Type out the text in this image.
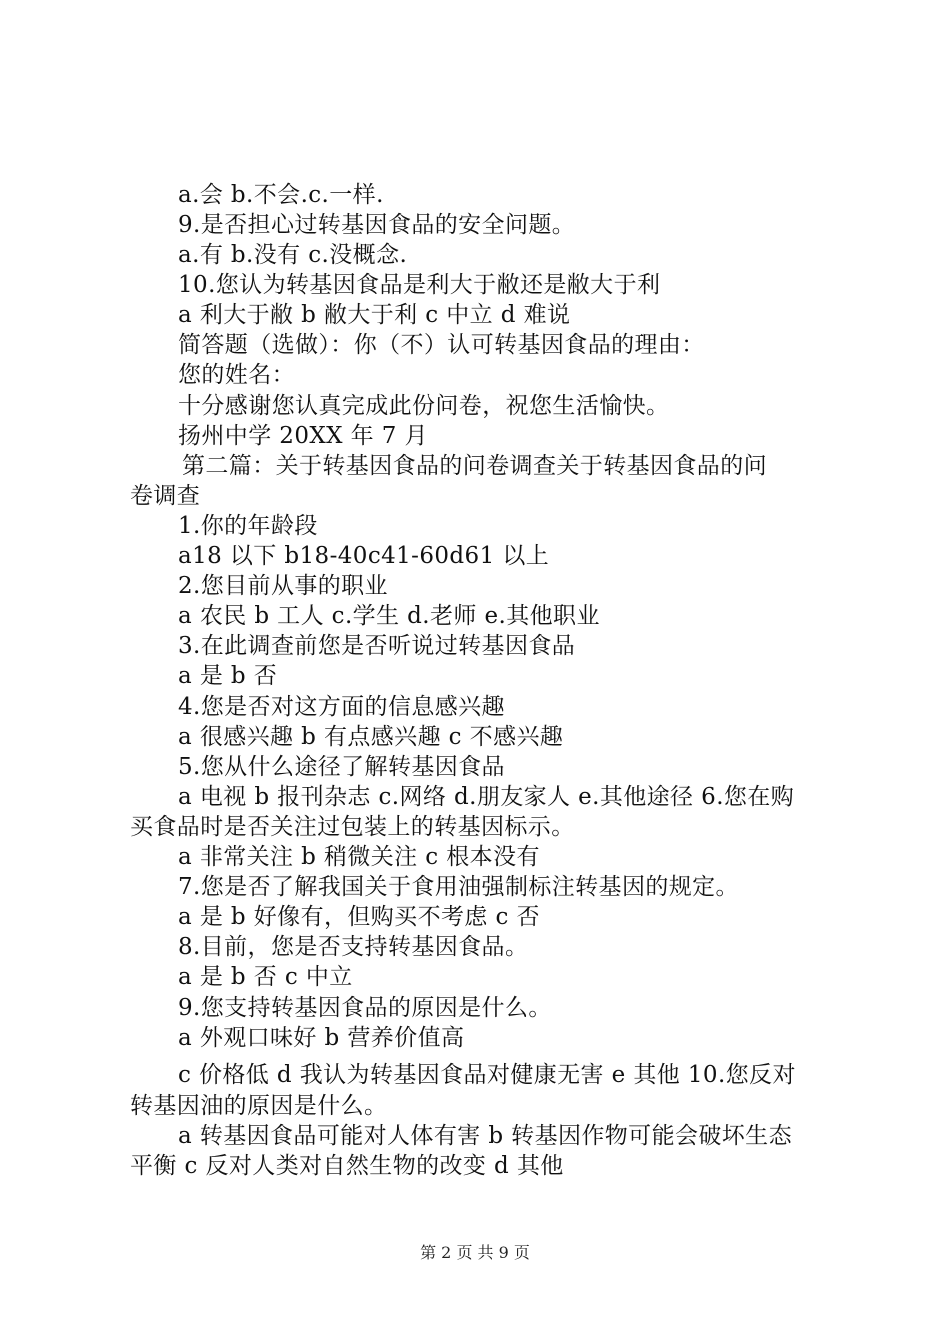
a.会 b.不会.c.一样.
9.是否担心过转基因食品的安全问题。
a.有 b.没有 c.没概念.
10.您认为转基因食品是利大于敝还是敝大于利
a 利大于敝 b 敝大于利 c 中立 d 难说
简答题（选做）：你（不）认可转基因食品的理由：
您的姓名：
十分感谢您认真完成此份问卷，祝您生活愉快。
扬州中学 20XX 年 7 月
第二篇：关于转基因食品的问卷调查关于转基因食品的问
卷调查
1.你的年龄段
a18 以下 b18-40c41-60d61 以上
2.您目前从事的职业
a 农民 b 工人 c.学生 d.老师 e.其他职业
3.在此调查前您是否听说过转基因食品
a 是 b 否
4.您是否对这方面的信息感兴趣
a 很感兴趣 b 有点感兴趣 c 不感兴趣
5.您从什么途径了解转基因食品
a 电视 b 报刊杂志 c.网络 d.朋友家人 e.其他途径 6.您在购
买食品时是否关注过包装上的转基因标示。
a 非常关注 b 稍微关注 c 根本没有
7.您是否了解我国关于食用油强制标注转基因的规定。
a 是 b 好像有，但购买不考虑 c 否
8.目前，您是否支持转基因食品。
a 是 b 否 c 中立
9.您支持转基因食品的原因是什么。
a 外观口味好 b 营养价值高
c 价格低 d 我认为转基因食品对健康无害 e 其他 10.您反对
转基因油的原因是什么。
a 转基因食品可能对人体有害 b 转基因作物可能会破坏生态
平衡 c 反对人类对自然生物的改变 d 其他
第 2 页 共 9 页
